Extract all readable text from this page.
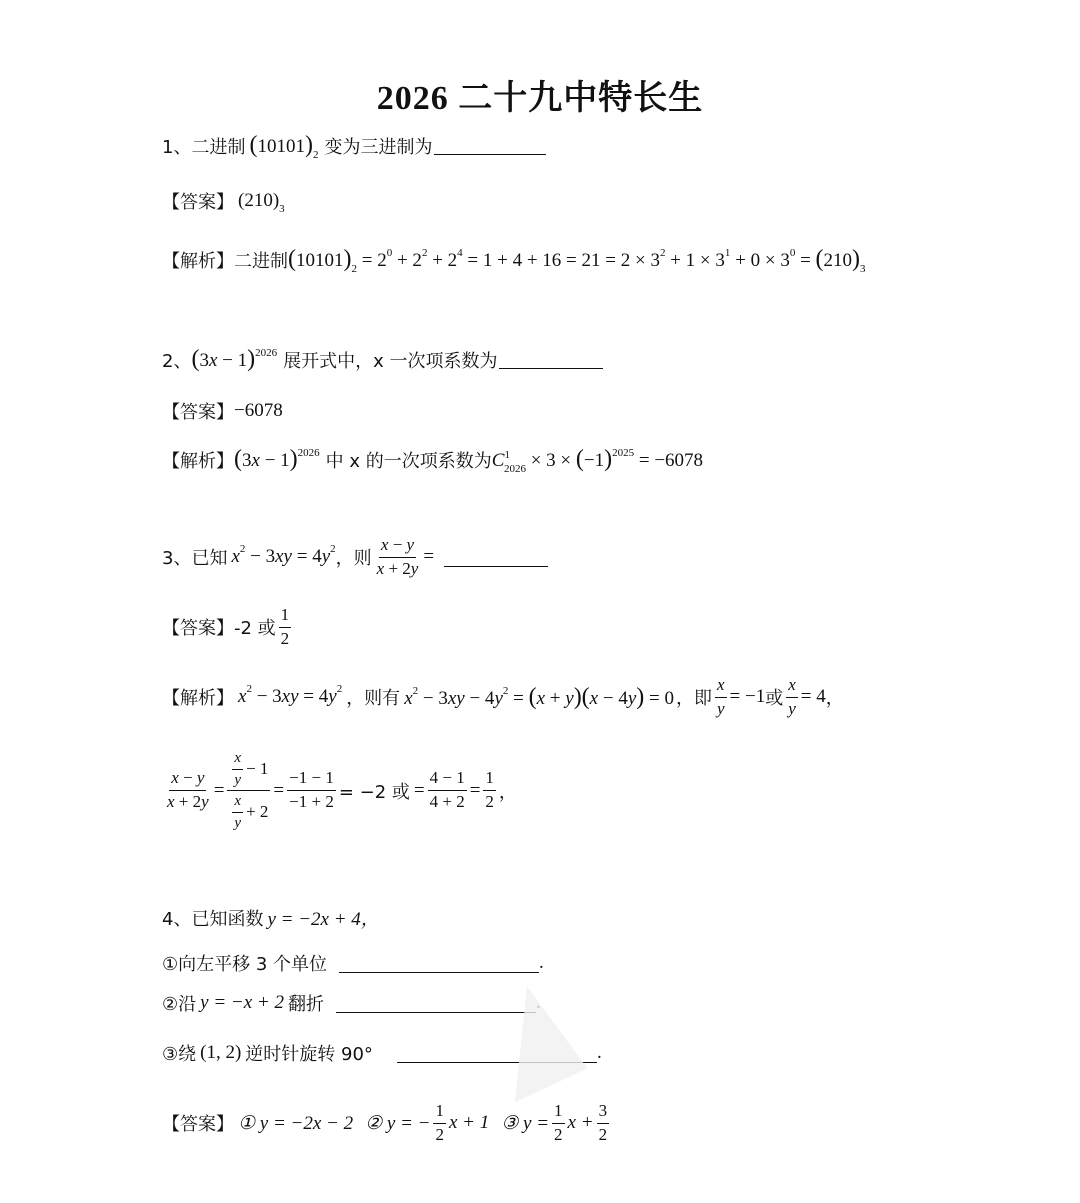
2026 二十九中特长生
1、二进制 $(10101)_2$ 变为三进制为
【答案】 $(210)_3$
【解析】 二进制 $(10101)_2 = 2^0 + 2^2 + 2^4 = 1 + 4 + 16 = 21 = 2 \times 3^2 + 1 \times 3^1 + 0 \times 3^0 = (210)_3$
2、 $(3x - 1)^{2026}$ 展开式中，x 一次项系数为
【答案】 −6078
【解析】 $(3x - 1)^{2026}$ 中 x 的一次项系数为 $C^1_{2026} \times 3 \times (-1)^{2025} = -6078$
3、已知 $x^2 - 3xy = 4y^2$ ，则 $\frac{x - y}{x + 2y}$ =
【答案】 -2 或 $\frac{1}{2}$
【解析】 $x^2 - 3xy = 4y^2$ ，则有 $x^2 - 3xy - 4y^2 = (x + y)(x - 4y) = 0$ ，即 $\frac{x}{y} = -1$ 或 $\frac{x}{y} = 4$ ，
$\frac{x - y}{x + 2y} = \frac{\frac{x}{y} - 1}{\frac{x}{y} + 2} = \frac{-1 - 1}{-1 + 2} = -2$ 或 = $\frac{4 - 1}{4 + 2} = \frac{1}{2}$ ，
4、已知函数 y = −2x + 4，
①向左平移 3 个单位	.
②沿 y = −x + 2 翻折	.
③绕 (1, 2) 逆时针旋转 90°	.
【答案】 ① y = −2x − 2 ② y = − $\frac{1}{2}$ x + 1 ③ $y = \frac{1}{2}$ $x + \frac{3}{2}$
